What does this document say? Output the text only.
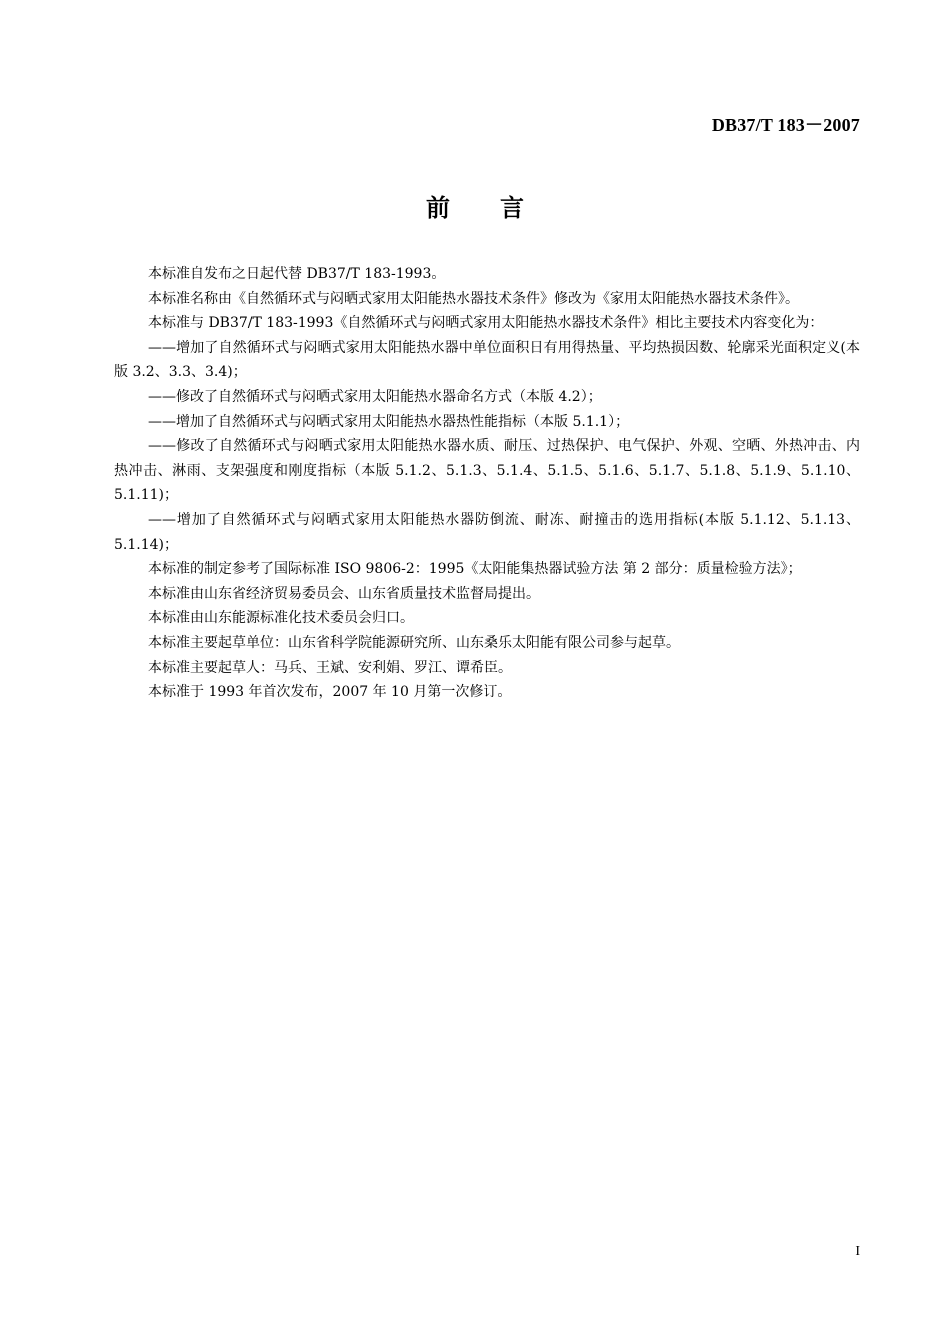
DB37/T 183－2007
前言

本标准自发布之日起代替 DB37/T 183-1993。

本标准名称由《自然循环式与闷晒式家用太阳能热水器技术条件》修改为《家用太阳能热水器技术条件》。

本标准与 DB37/T 183-1993《自然循环式与闷晒式家用太阳能热水器技术条件》相比主要技术内容变化为：

——增加了自然循环式与闷晒式家用太阳能热水器中单位面积日有用得热量、平均热损因数、轮廓采光面积定义(本版 3.2、3.3、3.4)；

——修改了自然循环式与闷晒式家用太阳能热水器命名方式（本版 4.2）；

——增加了自然循环式与闷晒式家用太阳能热水器热性能指标（本版 5.1.1）；

——修改了自然循环式与闷晒式家用太阳能热水器水质、耐压、过热保护、电气保护、外观、空晒、外热冲击、内热冲击、淋雨、支架强度和刚度指标（本版 5.1.2、5.1.3、5.1.4、5.1.5、5.1.6、5.1.7、5.1.8、5.1.9、5.1.10、5.1.11)；

——增加了自然循环式与闷晒式家用太阳能热水器防倒流、耐冻、耐撞击的选用指标(本版 5.1.12、5.1.13、5.1.14)；

本标准的制定参考了国际标准 ISO 9806-2：1995《太阳能集热器试验方法 第 2 部分：质量检验方法》；

本标准由山东省经济贸易委员会、山东省质量技术监督局提出。

本标准由山东能源标准化技术委员会归口。

本标准主要起草单位：山东省科学院能源研究所、山东桑乐太阳能有限公司参与起草。

本标准主要起草人：马兵、王斌、安利娟、罗江、谭希臣。

本标准于 1993 年首次发布，2007 年 10 月第一次修订。

I
